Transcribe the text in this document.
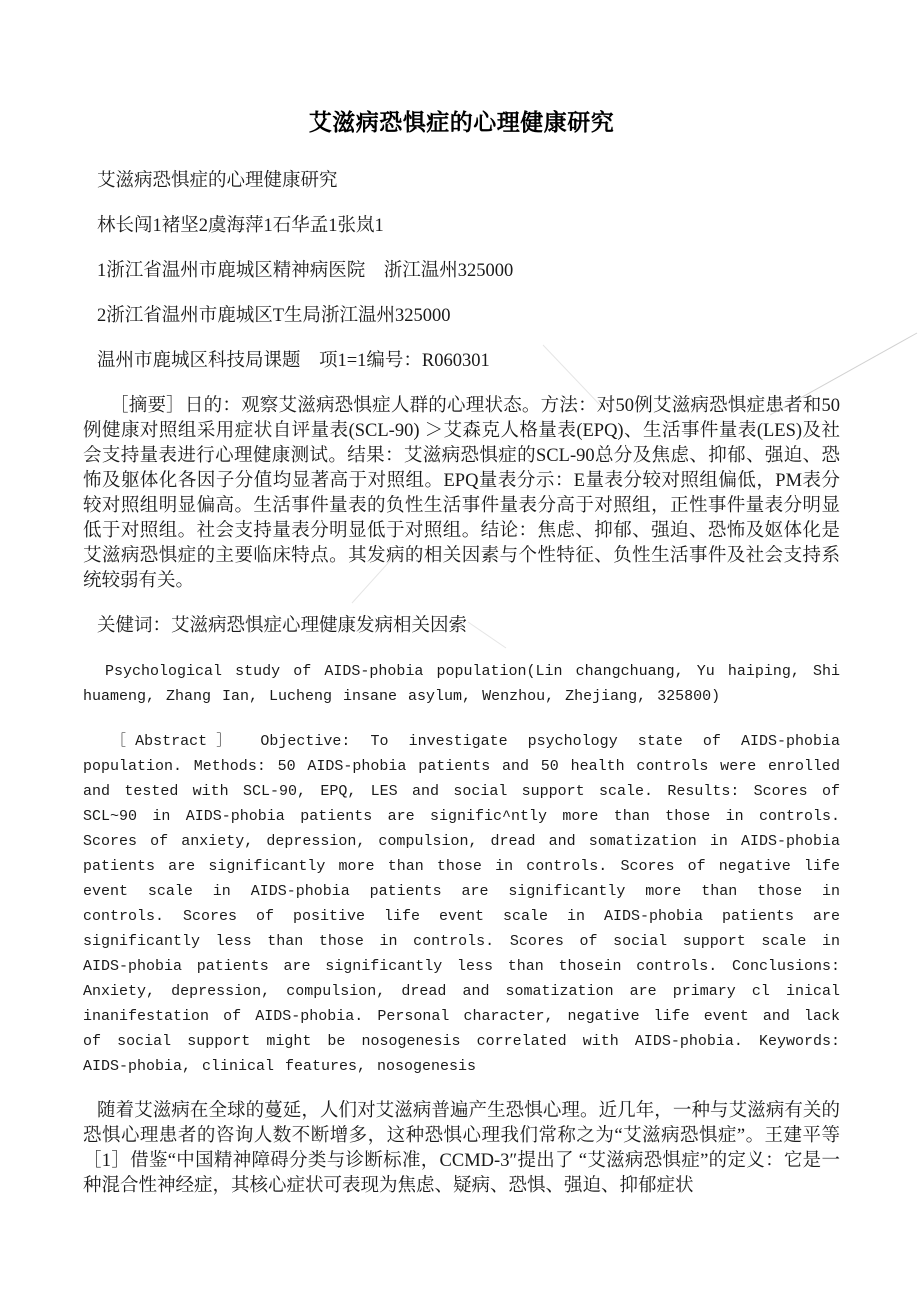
艾滋病恐惧症的心理健康研究

艾滋病恐惧症的心理健康研究

林长闯1褚坚2虞海萍1石华孟1张岚1

1浙江省温州市鹿城区精神病医院　浙江温州325000

2浙江省温州市鹿城区T生局浙江温州325000

温州市鹿城区科技局课题　项1=1编号：R060301

［摘要］日的：观察艾滋病恐惧症人群的心理状态。方法：对50例艾滋病恐惧症患者和50例健康对照组采用症状自评量表(SCL-90) ＞艾森克人格量表(EPQ)、生活事件量表(LES)及社会支持量表进行心理健康测试。结果：艾滋病恐惧症的SCL-90总分及焦虑、抑郁、强迫、恐怖及躯体化各因子分值均显著高于对照组。EPQ量表分示：E量表分较对照组偏低，PM表分较对照组明显偏高。生活事件量表的负性生活事件量表分高于对照组，正性事件量表分明显低于对照组。社会支持量表分明显低于对照组。结论：焦虑、抑郁、强迫、恐怖及妪体化是艾滋病恐惧症的主要临床特点。其发病的相关因素与个性特征、负性生活事件及社会支持系统较弱有关。

关健词：艾滋病恐惧症心理健康发病相关因索

Psychological study of AIDS-phobia population(Lin changchuang, Yu haiping, Shi huameng, Zhang Ian, Lucheng insane asylum, Wenzhou, Zhejiang, 325800)

［Abstract］ Objective: To investigate psychology state of AIDS-phobia population. Methods: 50 AIDS-phobia patients and 50 health controls were enrolled and tested with SCL-90, EPQ, LES and social support scale. Results: Scores of SCL~90 in AIDS-phobia patients are signific^ntly more than those in controls. Scores of anxiety, depression, compulsion, dread and somatization in AIDS-phobia patients are significantly more than those in controls. Scores of negative life event scale in AIDS-phobia patients are significantly more than those in controls. Scores of positive life event scale in AIDS-phobia patients are significantly less than those in controls. Scores of social support scale in AIDS-phobia patients are significantly less than thosein controls. Conclusions: Anxiety, depression, compulsion, dread and somatization are primary cl inical inanifestation of AIDS-phobia. Personal character, negative life event and lack of social support might be nosogenesis correlated with AIDS-phobia. Keywords: AIDS-phobia, clinical features, nosogenesis

随着艾滋病在全球的蔓延，人们对艾滋病普遍产生恐惧心理。近几年，一种与艾滋病有关的恐惧心理患者的咨询人数不断增多，这种恐惧心理我们常称之为“艾滋病恐惧症”。王建平等［1］借鉴“中国精神障碍分类与诊断标准，CCMD-3″提出了 “艾滋病恐惧症”的定义：它是一种混合性神经症，其核心症状可表现为焦虑、疑病、恐惧、强迫、抑郁症状
